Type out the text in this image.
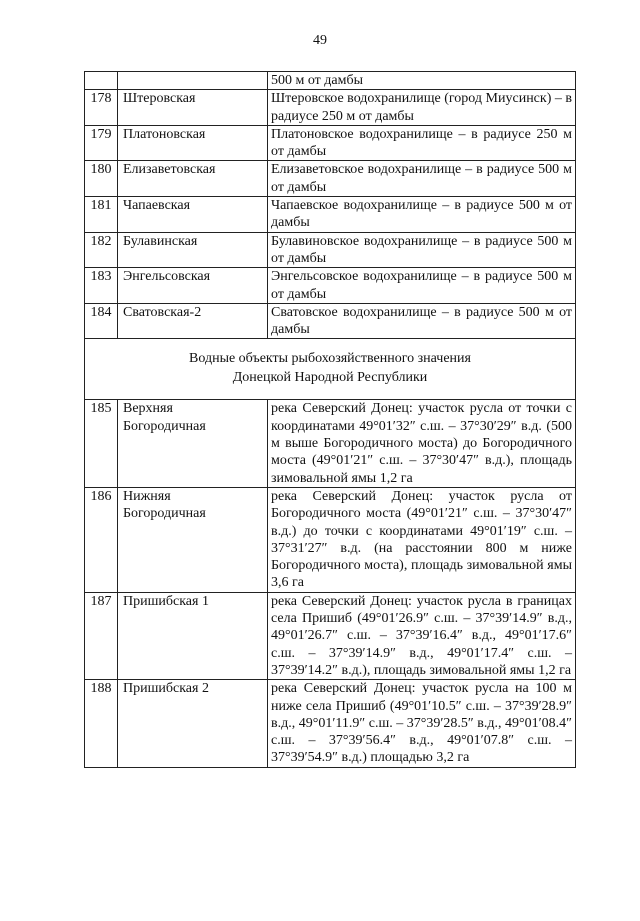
49
		500 м от дамбы
178	Штеровская	Штеровское водохранилище (город Миусинск) – в радиусе 250 м от дамбы
179	Платоновская	Платоновское водохранилище – в радиусе 250 м от дамбы
180	Елизаветовская	Елизаветовское водохранилище – в радиусе 500 м от дамбы
181	Чапаевская	Чапаевское водохранилище – в радиусе 500 м от дамбы
182	Булавинская	Булавиновское водохранилище – в радиусе 500 м от дамбы
183	Энгельсовская	Энгельсовское водохранилище – в радиусе 500 м от дамбы
184	Сватовская-2	Сватовское водохранилище – в радиусе 500 м от дамбы

Водные объекты рыбохозяйственного значения
Донецкой Народной Республики		

185	Верхняя
Богородичная	река Северский Донец: участок русла от точки с координатами 49°01′32″ с.ш. – 37°30′29″ в.д. (500 м выше Богородичного моста) до Богородичного моста (49°01′21″ с.ш. – 37°30′47″ в.д.), площадь зимовальной ямы 1,2 га
186	Нижняя
Богородичная	река Северский Донец: участок русла от Богородичного моста (49°01′21″ с.ш. – 37°30′47″ в.д.) до точки с координатами 49°01′19″ с.ш. – 37°31′27″ в.д. (на расстоянии 800 м ниже Богородичного моста), площадь зимовальной ямы 3,6 га
187	Пришибская 1	река Северский Донец: участок русла в границах села Пришиб (49°01′26.9″ с.ш. – 37°39′14.9″ в.д., 49°01′26.7″ с.ш. – 37°39′16.4″ в.д., 49°01′17.6″ с.ш. – 37°39′14.9″ в.д., 49°01′17.4″ с.ш. – 37°39′14.2″ в.д.), площадь зимовальной ямы 1,2 га
188	Пришибская 2	река Северский Донец: участок русла на 100 м ниже села Пришиб (49°01′10.5″ с.ш. – 37°39′28.9″ в.д., 49°01′11.9″ с.ш. – 37°39′28.5″ в.д., 49°01′08.4″ с.ш. – 37°39′56.4″ в.д., 49°01′07.8″ с.ш. – 37°39′54.9″ в.д.) площадью 3,2 га
